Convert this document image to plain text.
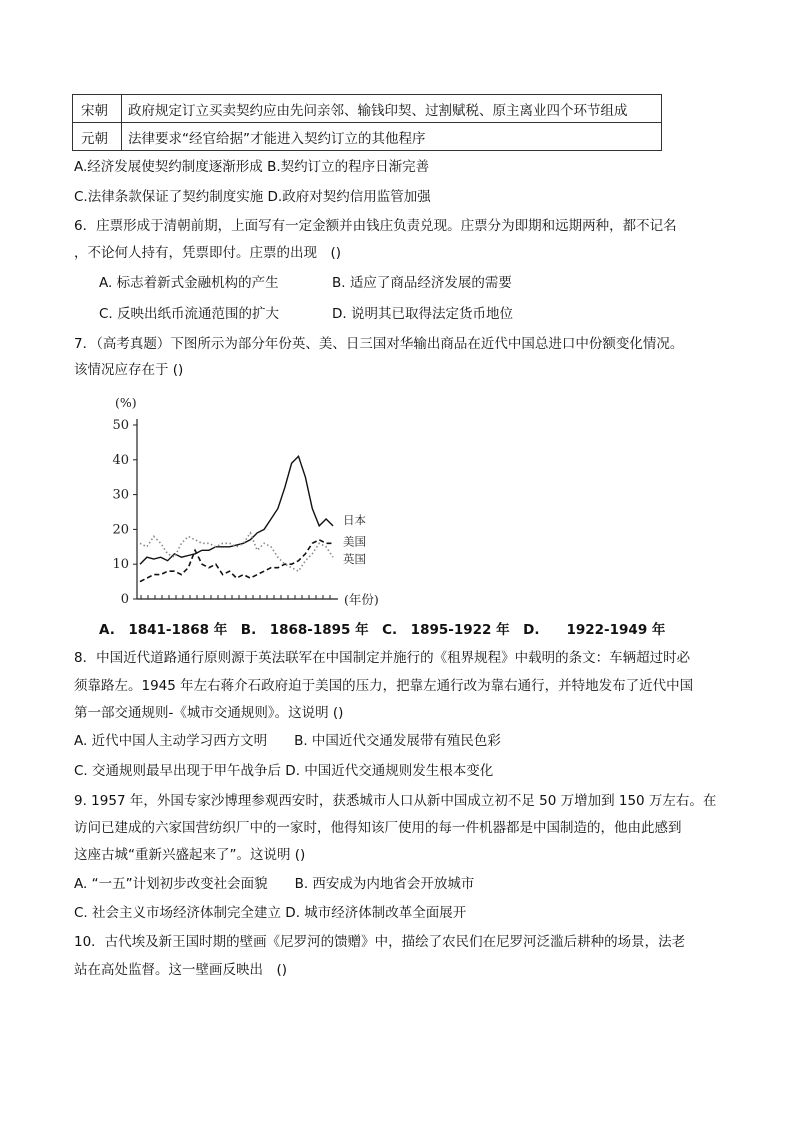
宋朝	政府规定订立买卖契约应由先问亲邻、输钱印契、过割赋税、原主离业四个环节组成
元朝	法律要求“经官给据”才能进入契约订立的其他程序
A.经济发展使契约制度逐渐形成 B.契约订立的程序日渐完善
C.法律条款保证了契约制度实施 D.政府对契约信用监管加强
6．庄票形成于清朝前期，上面写有一定金额并由钱庄负责兑现。庄票分为即期和远期两种，都不记名
，不论何人持有，凭票即付。庄票的出现　()
A. 标志着新式金融机构的产生	B. 适应了商品经济发展的需要
C. 反映出纸币流通范围的扩大	D. 说明其已取得法定货币地位
7．（高考真题）下图所示为部分年份英、美、日三国对华输出商品在近代中国总进口中份额变化情况。
该情况应存在于 ()
(%)
0
10
20
30
40
50
(年份)
日本
美国
英国
A.　1841-1868 年　B.　1868-1895 年　C.　1895-1922 年　D.　　1922-1949 年
8．中国近代道路通行原则源于英法联军在中国制定并施行的《租界规程》中载明的条文：车辆超过时必
须靠路左。1945 年左右蒋介石政府迫于美国的压力，把靠左通行改为靠右通行，并特地发布了近代中国
第一部交通规则-《城市交通规则》。这说明 ()
A. 近代中国人主动学习西方文明　　B. 中国近代交通发展带有殖民色彩
C. 交通规则最早出现于甲午战争后 D. 中国近代交通规则发生根本变化
9. 1957 年，外国专家沙博理参观西安时，获悉城市人口从新中国成立初不足 50 万增加到 150 万左右。在
访问已建成的六家国营纺织厂中的一家时，他得知该厂使用的每一件机器都是中国制造的，他由此感到
这座古城“重新兴盛起来了”。这说明 ()
A. “一五”计划初步改变社会面貌　　B. 西安成为内地省会开放城市
C. 社会主义市场经济体制完全建立 D. 城市经济体制改革全面展开
10．古代埃及新王国时期的壁画《尼罗河的馈赠》中，描绘了农民们在尼罗河泛滥后耕种的场景，法老
站在高处监督。这一壁画反映出　()
